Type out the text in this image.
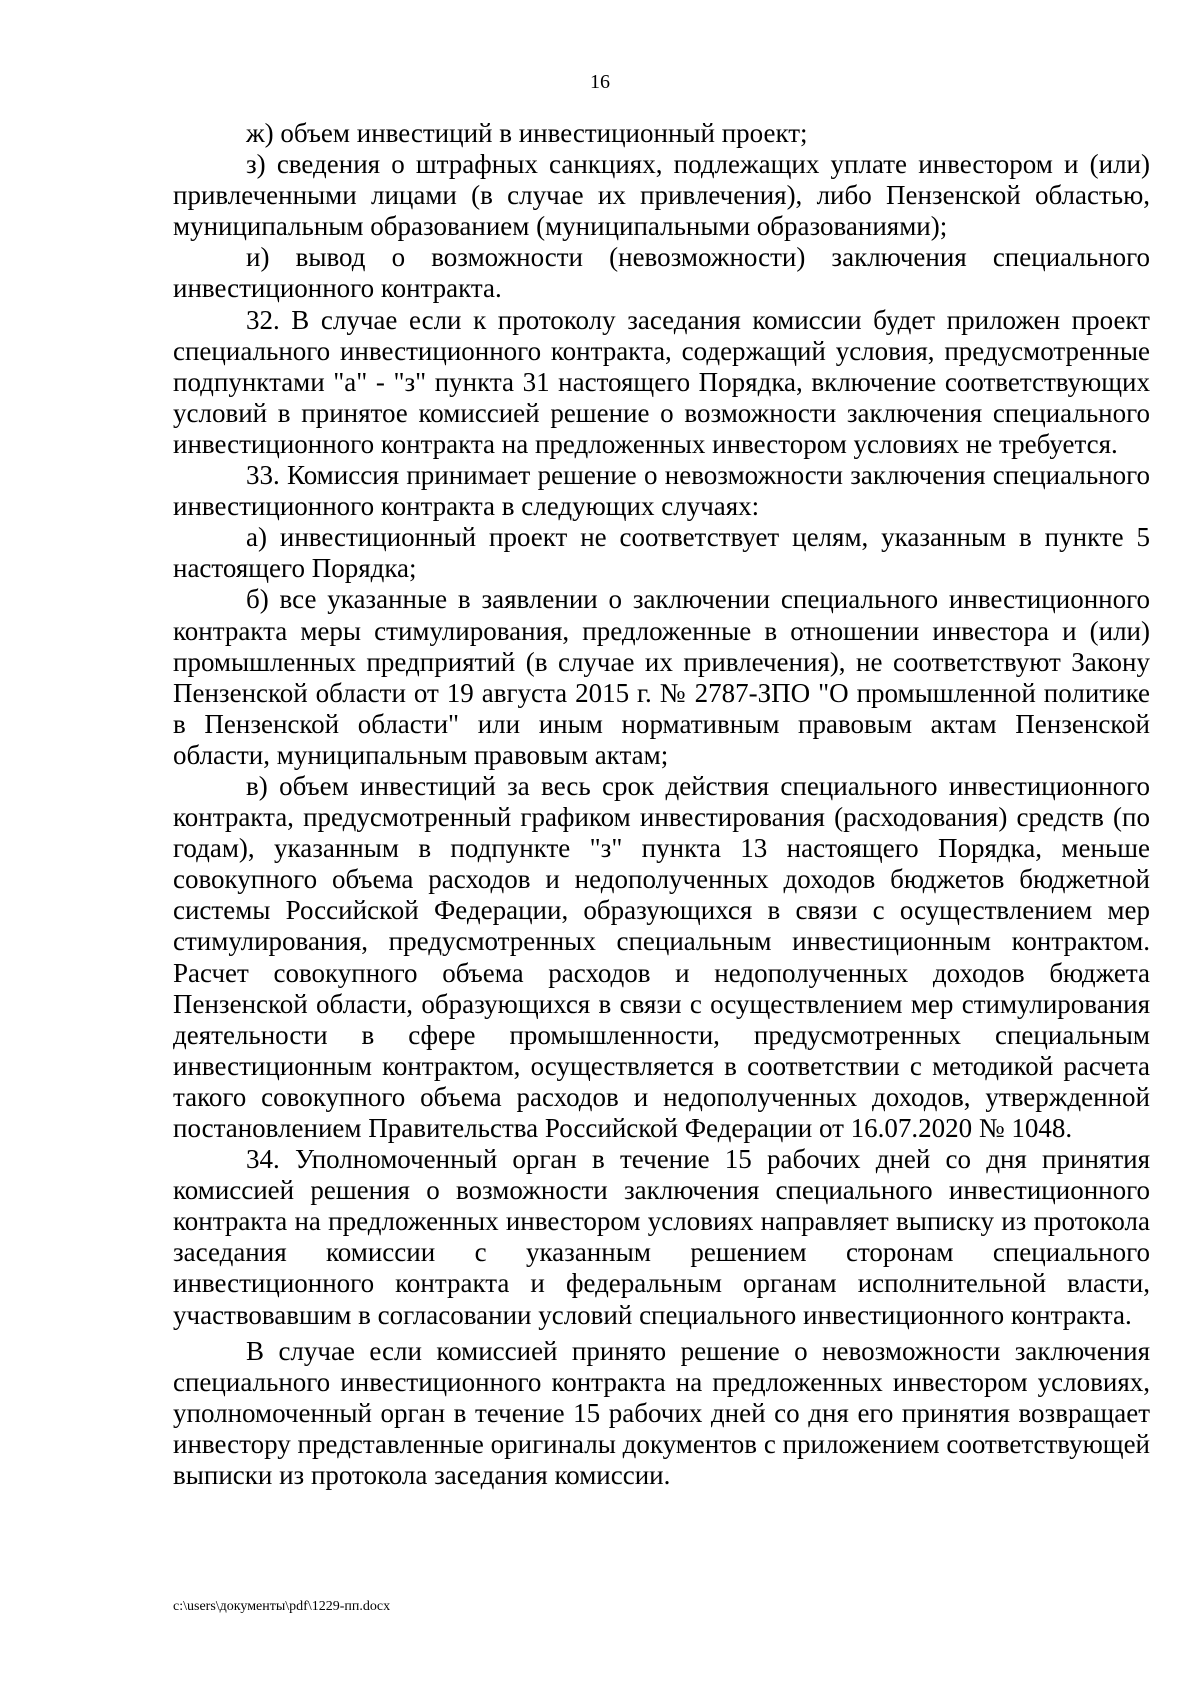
16

ж) объем инвестиций в инвестиционный проект;

з) сведения о штрафных санкциях, подлежащих уплате инвестором и (или) привлеченными лицами (в случае их привлечения), либо Пензенской областью, муниципальным образованием (муниципальными образованиями);

и) вывод о возможности (невозможности) заключения специального инвестиционного контракта.

32. В случае если к протоколу заседания комиссии будет приложен проект специального инвестиционного контракта, содержащий условия, предусмотренные подпунктами "а" - "з" пункта 31 настоящего Порядка, включение соответствующих условий в принятое комиссией решение о возможности заключения специального инвестиционного контракта на предложенных инвестором условиях не требуется.

33. Комиссия принимает решение о невозможности заключения специального инвестиционного контракта в следующих случаях:

а) инвестиционный проект не соответствует целям, указанным в пункте 5 настоящего Порядка;

б) все указанные в заявлении о заключении специального инвестиционного контракта меры стимулирования, предложенные в отношении инвестора и (или) промышленных предприятий (в случае их привлечения), не соответствуют Закону Пензенской области от 19 августа 2015 г. № 2787-ЗПО "О промышленной политике в Пензенской области" или иным нормативным правовым актам Пензенской области, муниципальным правовым актам;

в) объем инвестиций за весь срок действия специального инвестиционного контракта, предусмотренный графиком инвестирования (расходования) средств (по годам), указанным в подпункте "з" пункта 13 настоящего Порядка, меньше совокупного объема расходов и недополученных доходов бюджетов бюджетной системы Российской Федерации, образующихся в связи с осуществлением мер стимулирования, предусмотренных специальным инвестиционным контрактом. Расчет совокупного объема расходов и недополученных доходов бюджета Пензенской области, образующихся в связи с осуществлением мер стимулирования деятельности в сфере промышленности, предусмотренных специальным инвестиционным контрактом, осуществляется в соответствии с методикой расчета такого совокупного объема расходов и недополученных доходов, утвержденной постановлением Правительства Российской Федерации от 16.07.2020 № 1048.

34. Уполномоченный орган в течение 15 рабочих дней со дня принятия комиссией решения о возможности заключения специального инвестиционного контракта на предложенных инвестором условиях направляет выписку из протокола заседания комиссии с указанным решением сторонам специального инвестиционного контракта и федеральным органам исполнительной власти, участвовавшим в согласовании условий специального инвестиционного контракта.

В случае если комиссией принято решение о невозможности заключения специального инвестиционного контракта на предложенных инвестором условиях, уполномоченный орган в течение 15 рабочих дней со дня его принятия возвращает инвестору представленные оригиналы документов с приложением соответствующей выписки из протокола заседания комиссии.

c:\users\документы\pdf\1229-пп.docx
